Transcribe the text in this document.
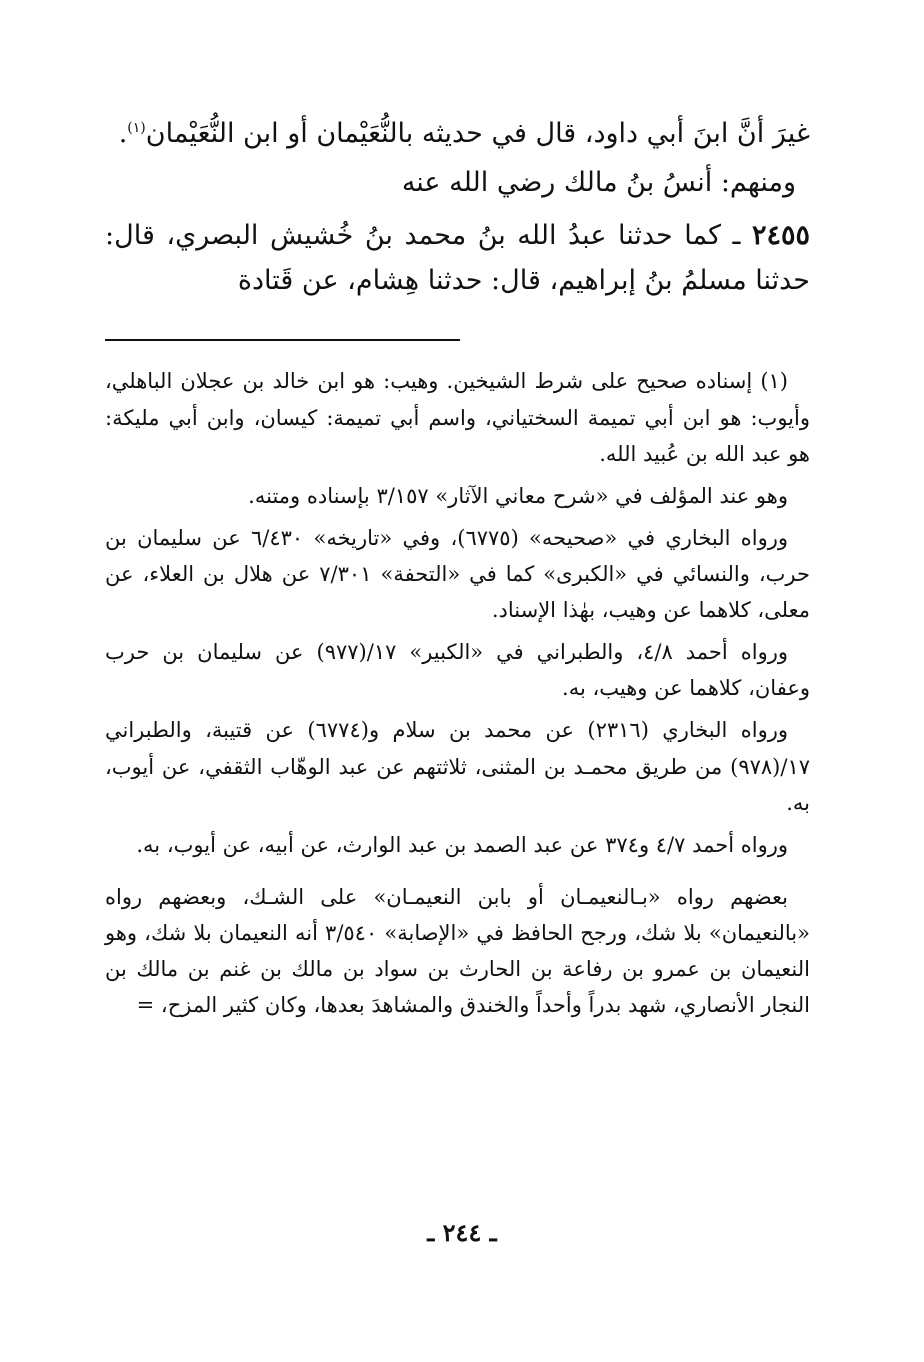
غيرَ أنَّ ابنَ أبي داود، قال في حديثه بالنُّعَيْمان أو ابن النُّعَيْمان$^{(١)}$.

ومنهم: أنسُ بنُ مالك رضي الله عنه

٢٤٥٥ ـ كما حدثنا عبدُ الله بنُ محمد بنُ خُشيش البصري، قال: حدثنا مسلمُ بنُ إبراهيم، قال: حدثنا هِشام، عن قَتادة

(١) إسناده صحيح على شرط الشيخين. وهيب: هو ابن خالد بن عجلان الباهلي، وأيوب: هو ابن أبي تميمة السختياني، واسم أبي تميمة: كيسان، وابن أبي مليكة: هو عبد الله بن عُبيد الله.

وهو عند المؤلف في «شرح معاني الآثار» ٣/١٥٧ بإسناده ومتنه.

ورواه البخاري في «صحيحه» (٦٧٧٥)، وفي «تاريخه» ٦/٤٣٠ عن سليمان بن حرب، والنسائي في «الكبرى» كما في «التحفة» ٧/٣٠١ عن هلال بن العلاء، عن معلى، كلاهما عن وهيب، بهٰذا الإسناد.

ورواه أحمد ٤/٨، والطبراني في «الكبير» ١٧/(٩٧٧) عن سليمان بن حرب وعفان، كلاهما عن وهيب، به.

ورواه البخاري (٢٣١٦) عن محمد بن سلام و(٦٧٧٤) عن قتيبة، والطبراني ١٧/(٩٧٨) من طريق محمـد بن المثنى، ثلاثتهم عن عبد الوهّاب الثقفي، عن أيوب، به.

ورواه أحمد ٤/٧ و٣٧٤ عن عبد الصمد بن عبد الوارث، عن أبيه، عن أيوب، به.

بعضهم رواه «بـالنعيمـان أو بابن النعيمـان» على الشـك، وبعضهم رواه «بالنعيمان» بلا شك، ورجح الحافظ في «الإصابة» ٣/٥٤٠ أنه النعيمان بلا شك، وهو النعيمان بن عمرو بن رفاعة بن الحارث بن سواد بن مالك بن غنم بن مالك بن النجار الأنصاري، شهد بدراً وأحداً والخندق والمشاهدَ بعدها، وكان كثير المزح، =

ـ ٢٤٤ ـ
